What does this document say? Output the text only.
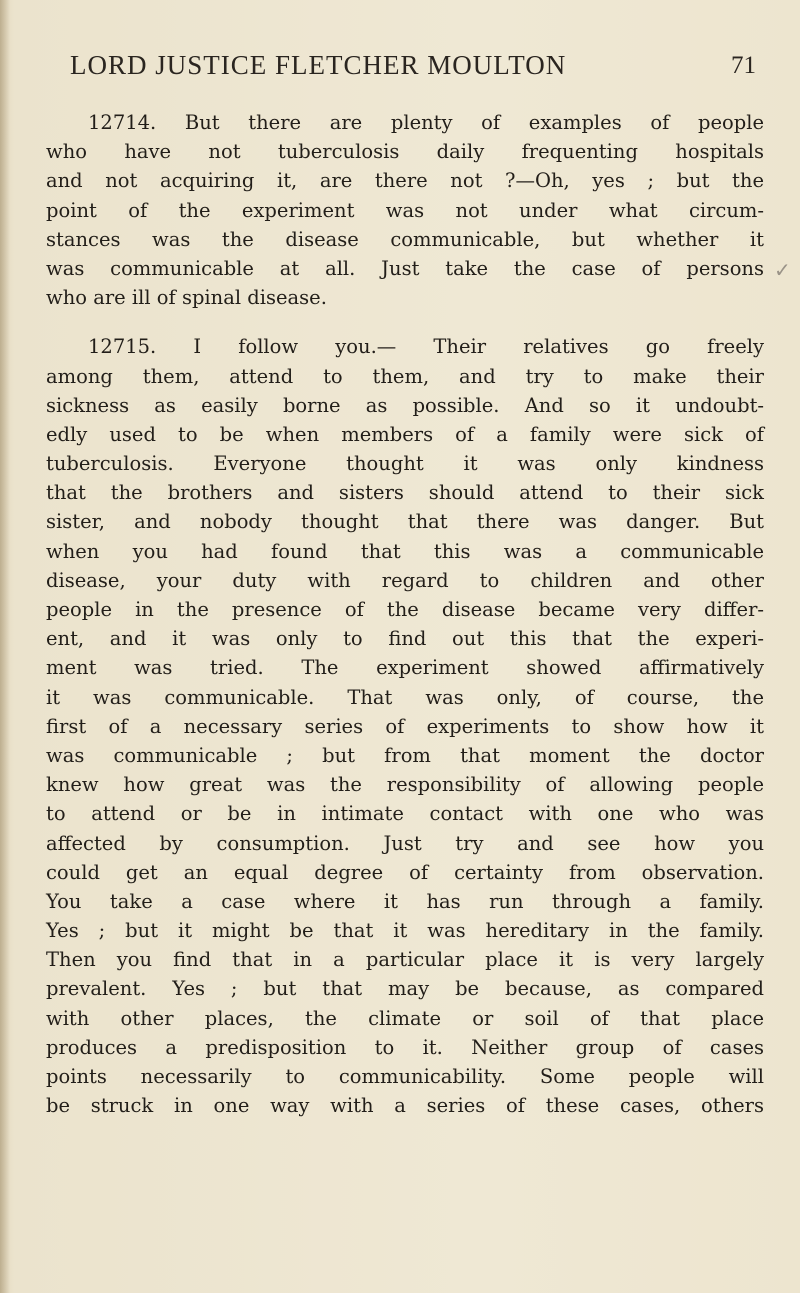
LORD JUSTICE FLETCHER MOULTON	71
✓
12714. But there are plenty of examples of people
who have not tuberculosis daily frequenting hospitals
and not acquiring it, are there not ?—Oh, yes ; but the
point of the experiment was not under what circum-
stances was the disease communicable, but whether it
was communicable at all. Just take the case of persons
who are ill of spinal disease.
12715. I follow you.— Their relatives go freely
among them, attend to them, and try to make their
sickness as easily borne as possible. And so it undoubt-
edly used to be when members of a family were sick of
tuberculosis. Everyone thought it was only kindness
that the brothers and sisters should attend to their sick
sister, and nobody thought that there was danger. But
when you had found that this was a communicable
disease, your duty with regard to children and other
people in the presence of the disease became very differ-
ent, and it was only to find out this that the experi-
ment was tried. The experiment showed affirmatively
it was communicable. That was only, of course, the
first of a necessary series of experiments to show how it
was communicable ; but from that moment the doctor
knew how great was the responsibility of allowing people
to attend or be in intimate contact with one who was
affected by consumption. Just try and see how you
could get an equal degree of certainty from observation.
You take a case where it has run through a family.
Yes ; but it might be that it was hereditary in the family.
Then you find that in a particular place it is very largely
prevalent. Yes ; but that may be because, as compared
with other places, the climate or soil of that place
produces a predisposition to it. Neither group of cases
points necessarily to communicability. Some people will
be struck in one way with a series of these cases, others
